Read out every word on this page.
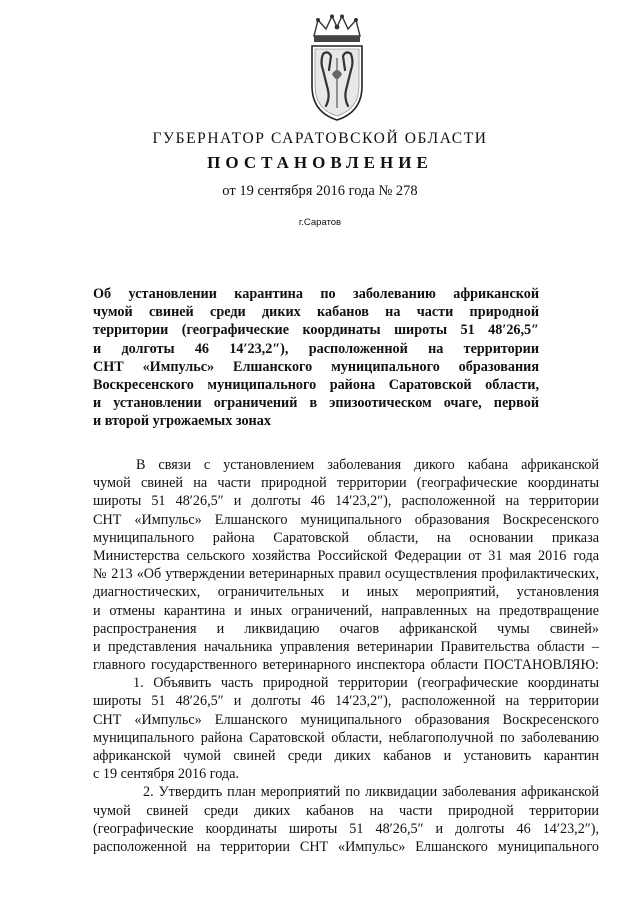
ГУБЕРНАТОР САРАТОВСКОЙ ОБЛАСТИ
ПОСТАНОВЛЕНИЕ
от 19 сентября 2016 года № 278
г.Саратов
Об установлении карантина по заболеванию африканской
чумой свиней среди диких кабанов на части природной
территории (географические координаты широты 51 48′26,5″
и долготы 46 14′23,2″), расположенной на территории
СНТ «Импульс» Елшанского муниципального образования
Воскресенского муниципального района Саратовской области,
и установлении ограничений в эпизоотическом очаге, первой
и второй угрожаемых зонах
В связи с установлением заболевания дикого кабана африканской
чумой свиней на части природной территории (географические координаты
широты 51 48′26,5″ и долготы 46 14′23,2″), расположенной на территории
СНТ «Импульс» Елшанского муниципального образования Воскресенского
муниципального района Саратовской области, на основании приказа
Министерства сельского хозяйства Российской Федерации от 31 мая 2016 года
№ 213 «Об утверждении ветеринарных правил осуществления профилактических,
диагностических, ограничительных и иных мероприятий, установления
и отмены карантина и иных ограничений, направленных на предотвращение
распространения и ликвидацию очагов африканской чумы свиней»
и представления начальника управления ветеринарии Правительства области –
главного государственного ветеринарного инспектора области ПОСТАНОВЛЯЮ:
1. Объявить часть природной территории (географические координаты
широты 51 48′26,5″ и долготы 46 14′23,2″), расположенной на территории
СНТ «Импульс» Елшанского муниципального образования Воскресенского
муниципального района Саратовской области, неблагополучной по заболеванию
африканской чумой свиней среди диких кабанов и установить карантин
с 19 сентября 2016 года.
2. Утвердить план мероприятий по ликвидации заболевания африканской
чумой свиней среди диких кабанов на части природной территории
(географические координаты широты 51 48′26,5″ и долготы 46 14′23,2″),
расположенной на территории СНТ «Импульс» Елшанского муниципального
